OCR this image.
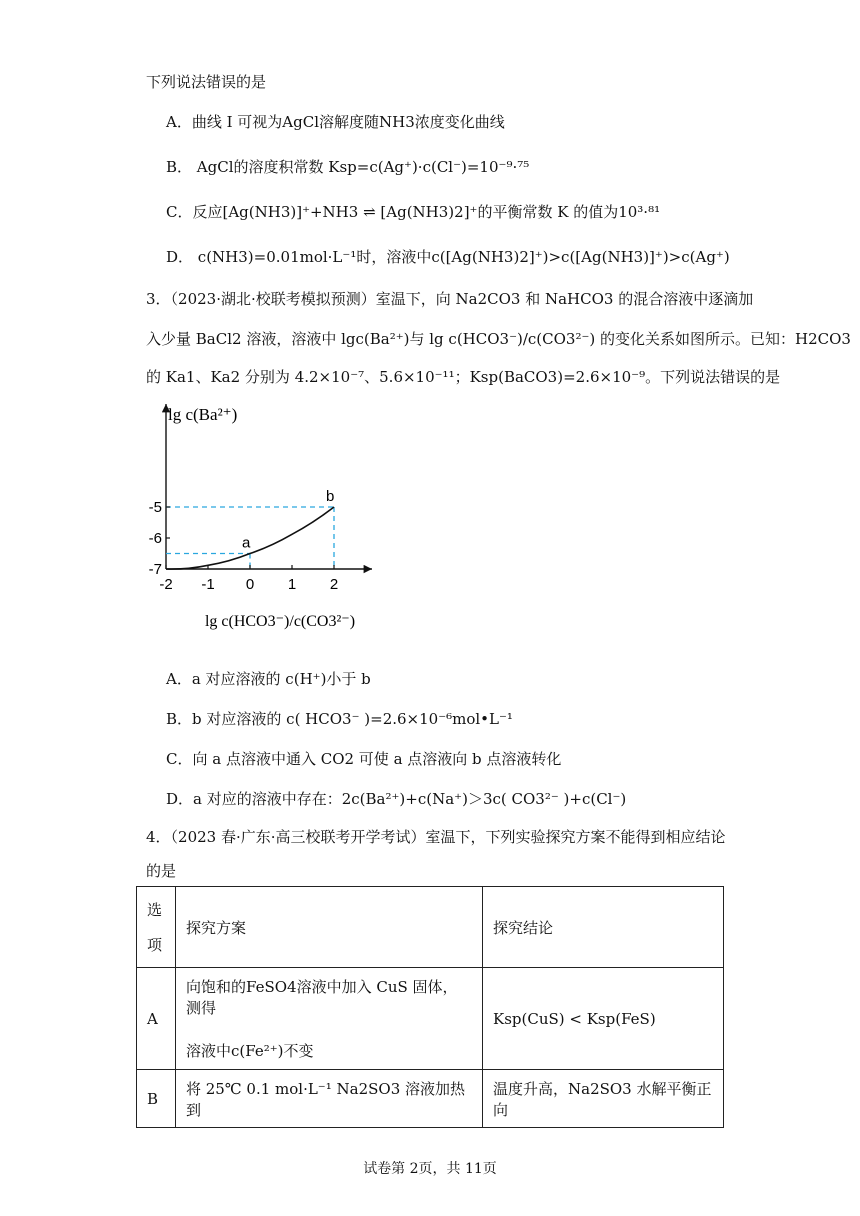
下列说法错误的是
A．曲线 I 可视为AgCl溶解度随NH3浓度变化曲线
B． AgCl的溶度积常数 Ksp=c(Ag⁺)·c(Cl⁻)=10⁻⁹·⁷⁵
C．反应[Ag(NH3)]⁺+NH3 ⇌ [Ag(NH3)2]⁺的平衡常数 K 的值为10³·⁸¹
D． c(NH3)=0.01mol·L⁻¹时，溶液中c([Ag(NH3)2]⁺)>c([Ag(NH3)]⁺)>c(Ag⁺)
3．（2023·湖北·校联考模拟预测）室温下，向 Na2CO3 和 NaHCO3 的混合溶液中逐滴加
入少量 BaCl2 溶液，溶液中 lgc(Ba²⁺)与 lg c(HCO3⁻)/c(CO3²⁻) 的变化关系如图所示。已知：H2CO3
的 Ka1、Ka2 分别为 4.2×10⁻⁷、5.6×10⁻¹¹；Ksp(BaCO3)=2.6×10⁻⁹。下列说法错误的是
-2 -1 0 1 2
-5
-6
-7
a
b
lg c(Ba²⁺)
lg c(HCO3⁻)/c(CO3²⁻)
A．a 对应溶液的 c(H⁺)小于 b
B．b 对应溶液的 c( HCO3⁻ )=2.6×10⁻⁶mol•L⁻¹
C．向 a 点溶液中通入 CO2 可使 a 点溶液向 b 点溶液转化
D．a 对应的溶液中存在：2c(Ba²⁺)+c(Na⁺)＞3c( CO3²⁻ )+c(Cl⁻)
4．（2023 春·广东·高三校联考开学考试）室温下，下列实验探究方案不能得到相应结论
的是
选
项	探究方案	探究结论
A	向饱和的FeSO4溶液中加入 CuS 固体，测得
溶液中c(Fe²⁺)不变	Ksp(CuS) < Ksp(FeS)
B	将 25℃ 0.1 mol·L⁻¹ Na2SO3 溶液加热到	温度升高，Na2SO3 水解平衡正向
试卷第 2页，共 11页
